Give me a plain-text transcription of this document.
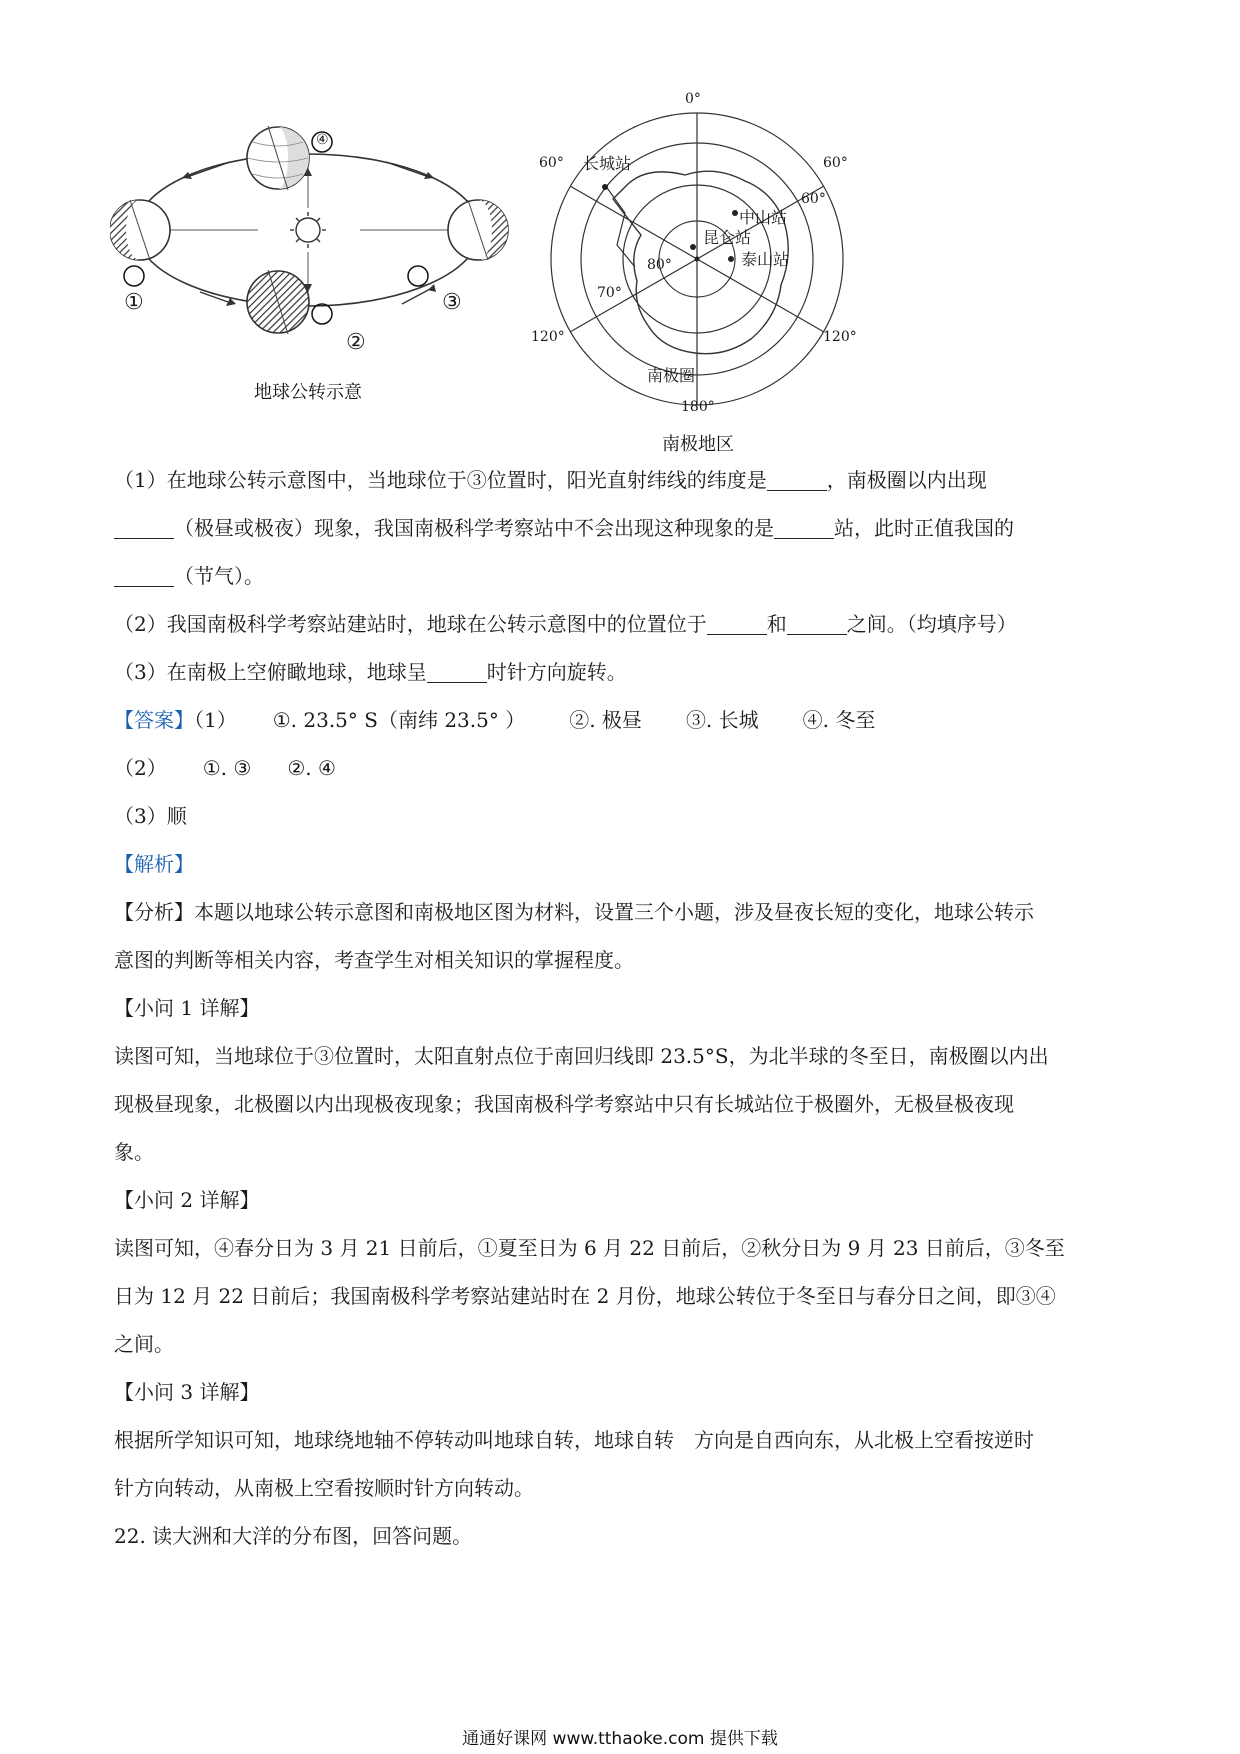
④
地球公转示意
0°
60°	60°
60°
120°	120°
180°
80°
70°
长城站
中山站
昆仑站
泰山站
南极圈
南极地区
①
②
③
（1）在地球公转示意图中，当地球位于③位置时，阳光直射纬线的纬度是	，南极圈以内出现
（极昼或极夜）现象，我国南极科学考察站中不会出现这种现象的是	站，此时正值我国的
（节气）。
（2）我国南极科学考察站建站时，地球在公转示意图中的位置位于	和	之间。（均填序号）
（3）在南极上空俯瞰地球，地球呈	时针方向旋转。
【答案】（1） ①. 23.5° S（南纬 23.5° ） ②. 极昼 ③. 长城 ④. 冬至
（2） ①. ③ ②. ④
（3）顺
【解析】
【分析】本题以地球公转示意图和南极地区图为材料，设置三个小题，涉及昼夜长短的变化，地球公转示
意图的判断等相关内容，考查学生对相关知识的掌握程度。
【小问 1 详解】
读图可知，当地球位于③位置时，太阳直射点位于南回归线即 23.5°S，为北半球的冬至日，南极圈以内出
现极昼现象，北极圈以内出现极夜现象；我国南极科学考察站中只有长城站位于极圈外，无极昼极夜现
象。
【小问 2 详解】
读图可知，④春分日为 3 月 21 日前后，①夏至日为 6 月 22 日前后，②秋分日为 9 月 23 日前后，③冬至
日为 12 月 22 日前后；我国南极科学考察站建站时在 2 月份，地球公转位于冬至日与春分日之间，即③④
之间。
【小问 3 详解】
根据所学知识可知，地球绕地轴不停转动叫地球自转，地球自转　方向是自西向东，从北极上空看按逆时
针方向转动，从南极上空看按顺时针方向转动。
22. 读大洲和大洋的分布图，回答问题。
通通好课网 www.tthaoke.com 提供下载
